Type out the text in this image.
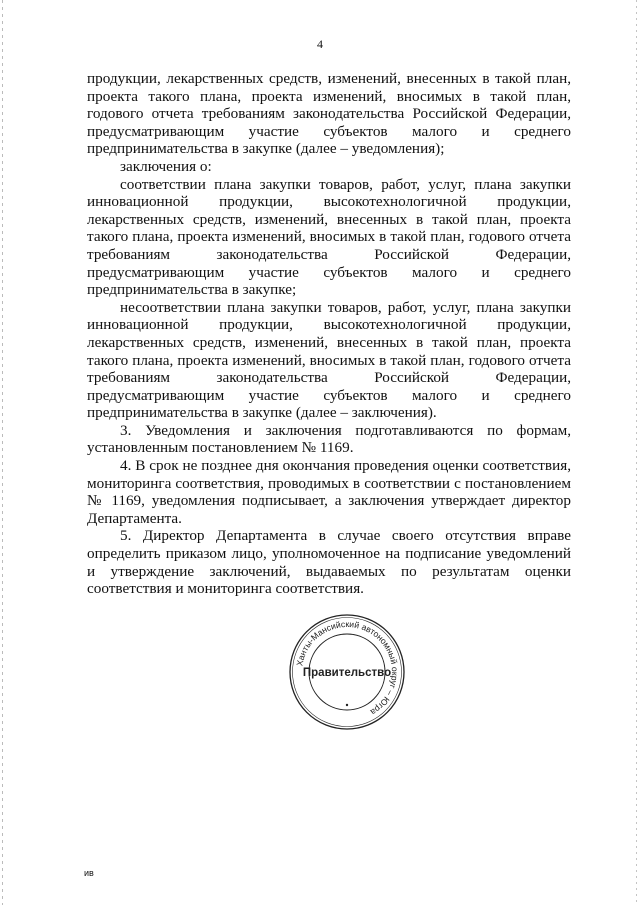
4

продукции, лекарственных средств, изменений, внесенных в такой план, проекта такого плана, проекта изменений, вносимых в такой план, годового отчета требованиям законодательства Российской Федерации, предусматривающим участие субъектов малого и среднего предпринимательства в закупке (далее – уведомления);

заключения о:

соответствии плана закупки товаров, работ, услуг, плана закупки инновационной продукции, высокотехнологичной продукции, лекарственных средств, изменений, внесенных в такой план, проекта такого плана, проекта изменений, вносимых в такой план, годового отчета требованиям законодательства Российской Федерации, предусматривающим участие субъектов малого и среднего предпринимательства в закупке;

несоответствии плана закупки товаров, работ, услуг, плана закупки инновационной продукции, высокотехнологичной продукции, лекарственных средств, изменений, внесенных в такой план, проекта такого плана, проекта изменений, вносимых в такой план, годового отчета требованиям законодательства Российской Федерации, предусматривающим участие субъектов малого и среднего предпринимательства в закупке (далее – заключения).

3. Уведомления и заключения подготавливаются по формам, установленным постановлением № 1169.

4. В срок не позднее дня окончания проведения оценки соответствия, мониторинга соответствия, проводимых в соответствии с постановлением № 1169, уведомления подписывает, а заключения утверждает директор Департамента.

5. Директор Департамента в случае своего отсутствия вправе определить приказом лицо, уполномоченное на подписание уведомлений и утверждение заключений, выдаваемых по результатам оценки соответствия и мониторинга соответствия.

Ханты-Мансийский автономный округ – Югра
Правительство
ив
